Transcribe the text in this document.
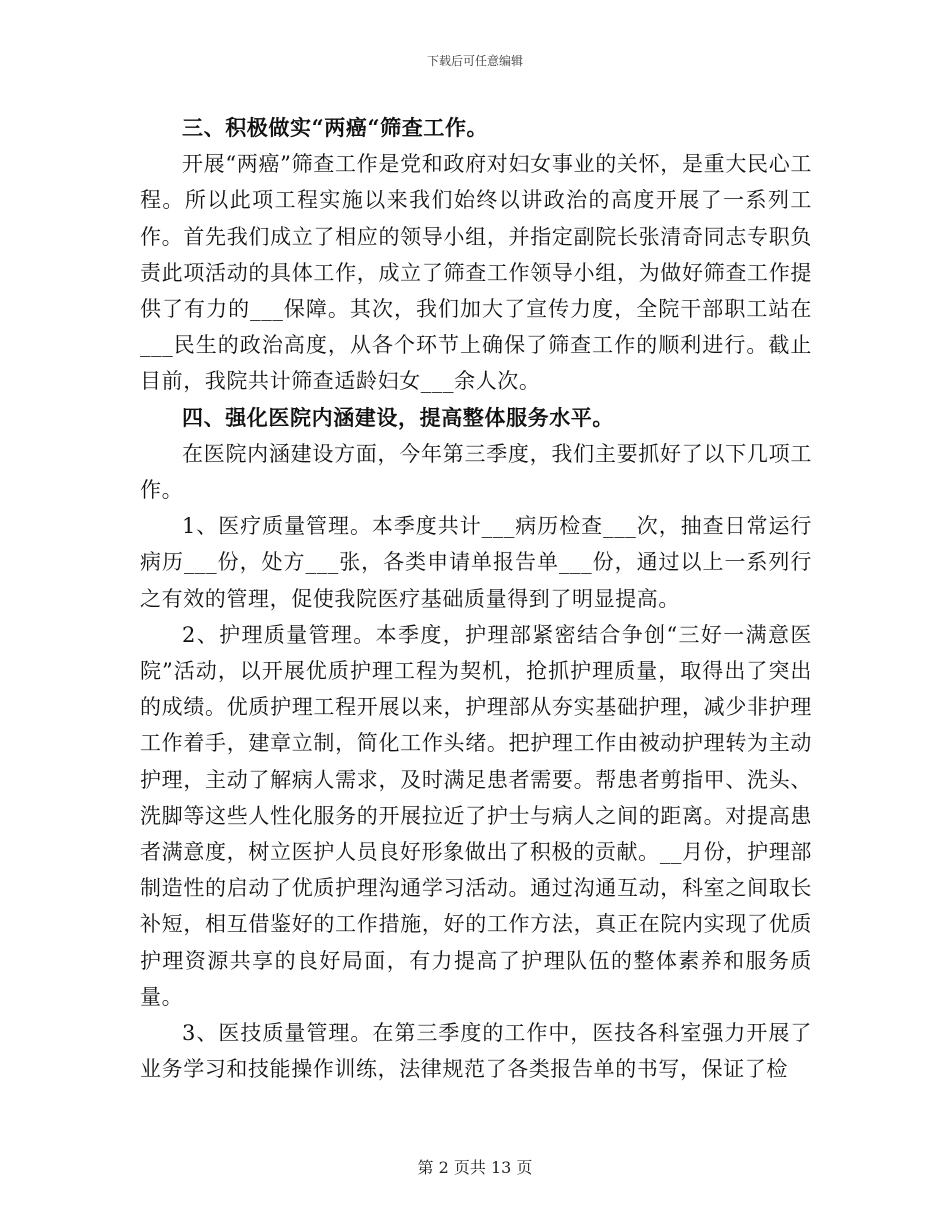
下载后可任意编辑

三、积极做实“两癌“筛查工作。

开展“两癌”筛查工作是党和政府对妇女事业的关怀，是重大民心工程。所以此项工程实施以来我们始终以讲政治的高度开展了一系列工作。首先我们成立了相应的领导小组，并指定副院长张清奇同志专职负责此项活动的具体工作，成立了筛查工作领导小组，为做好筛查工作提供了有力的___保障。其次，我们加大了宣传力度，全院干部职工站在___民生的政治高度，从各个环节上确保了筛查工作的顺利进行。截止目前，我院共计筛查适龄妇女___余人次。

四、强化医院内涵建设，提高整体服务水平。

在医院内涵建设方面，今年第三季度，我们主要抓好了以下几项工作。

1、医疗质量管理。本季度共计___病历检查___次，抽查日常运行病历___份，处方___张，各类申请单报告单___份，通过以上一系列行之有效的管理，促使我院医疗基础质量得到了明显提高。

2、护理质量管理。本季度，护理部紧密结合争创“三好一满意医院”活动，以开展优质护理工程为契机，抢抓护理质量，取得出了突出的成绩。优质护理工程开展以来，护理部从夯实基础护理，减少非护理工作着手，建章立制，简化工作头绪。把护理工作由被动护理转为主动护理，主动了解病人需求，及时满足患者需要。帮患者剪指甲、洗头、洗脚等这些人性化服务的开展拉近了护士与病人之间的距离。对提高患者满意度，树立医护人员良好形象做出了积极的贡献。__月份，护理部制造性的启动了优质护理沟通学习活动。通过沟通互动，科室之间取长补短，相互借鉴好的工作措施，好的工作方法，真正在院内实现了优质护理资源共享的良好局面，有力提高了护理队伍的整体素养和服务质量。

3、医技质量管理。在第三季度的工作中，医技各科室强力开展了业务学习和技能操作训练，法律规范了各类报告单的书写，保证了检

第 2 页共 13 页
